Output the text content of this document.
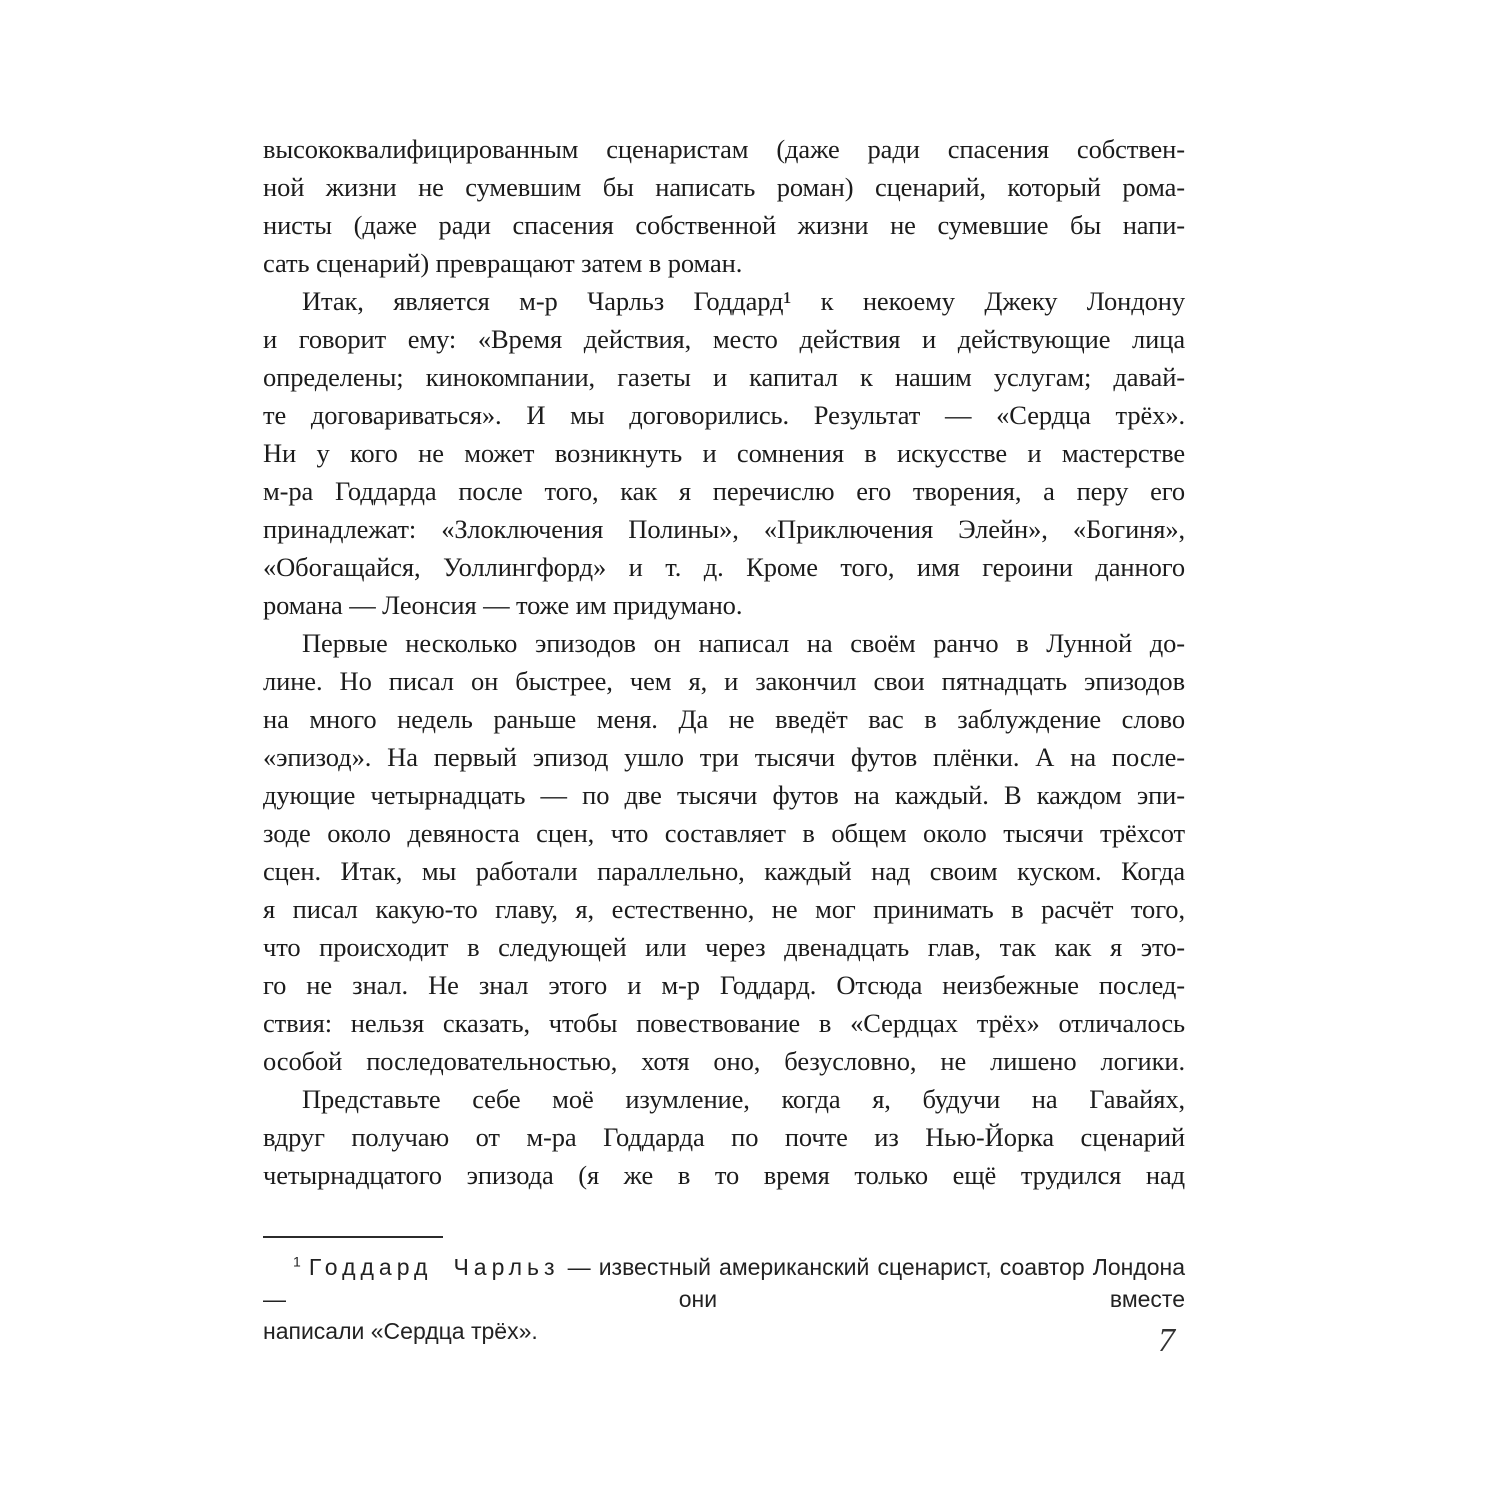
высококвалифицированным сценаристам (даже ради спасения собствен-
ной жизни не сумевшим бы написать роман) сценарий, который рома-
нисты (даже ради спасения собственной жизни не сумевшие бы напи-
сать сценарий) превращают затем в роман.
Итак, является м-р Чарльз Годдард¹ к некоему Джеку Лондону
и говорит ему: «Время действия, место действия и действующие лица
определены; кинокомпании, газеты и капитал к нашим услугам; давай-
те договариваться». И мы договорились. Результат — «Сердца трёх».
Ни у кого не может возникнуть и сомнения в искусстве и мастерстве
м-ра Годдарда после того, как я перечислю его творения, а перу его
принадлежат: «Злоключения Полины», «Приключения Элейн», «Богиня»,
«Обогащайся, Уоллингфорд» и т. д. Кроме того, имя героини данного
романа — Леонсия — тоже им придумано.
Первые несколько эпизодов он написал на своём ранчо в Лунной до-
лине. Но писал он быстрее, чем я, и закончил свои пятнадцать эпизодов
на много недель раньше меня. Да не введёт вас в заблуждение слово
«эпизод». На первый эпизод ушло три тысячи футов плёнки. А на после-
дующие четырнадцать — по две тысячи футов на каждый. В каждом эпи-
зоде около девяноста сцен, что составляет в общем около тысячи трёхсот
сцен. Итак, мы работали параллельно, каждый над своим куском. Когда
я писал какую-то главу, я, естественно, не мог принимать в расчёт того,
что происходит в следующей или через двенадцать глав, так как я это-
го не знал. Не знал этого и м-р Годдард. Отсюда неизбежные послед-
ствия: нельзя сказать, чтобы повествование в «Сердцах трёх» отличалось
особой последовательностью, хотя оно, безусловно, не лишено логики.
Представьте себе моё изумление, когда я, будучи на Гавайях,
вдруг получаю от м-ра Годдарда по почте из Нью-Йорка сценарий
четырнадцатого эпизода (я же в то время только ещё трудился над
$^1$ Годдард Чарльз — известный американский сценарист, соавтор Лондона — они вместе
написали «Сердца трёх».	7
